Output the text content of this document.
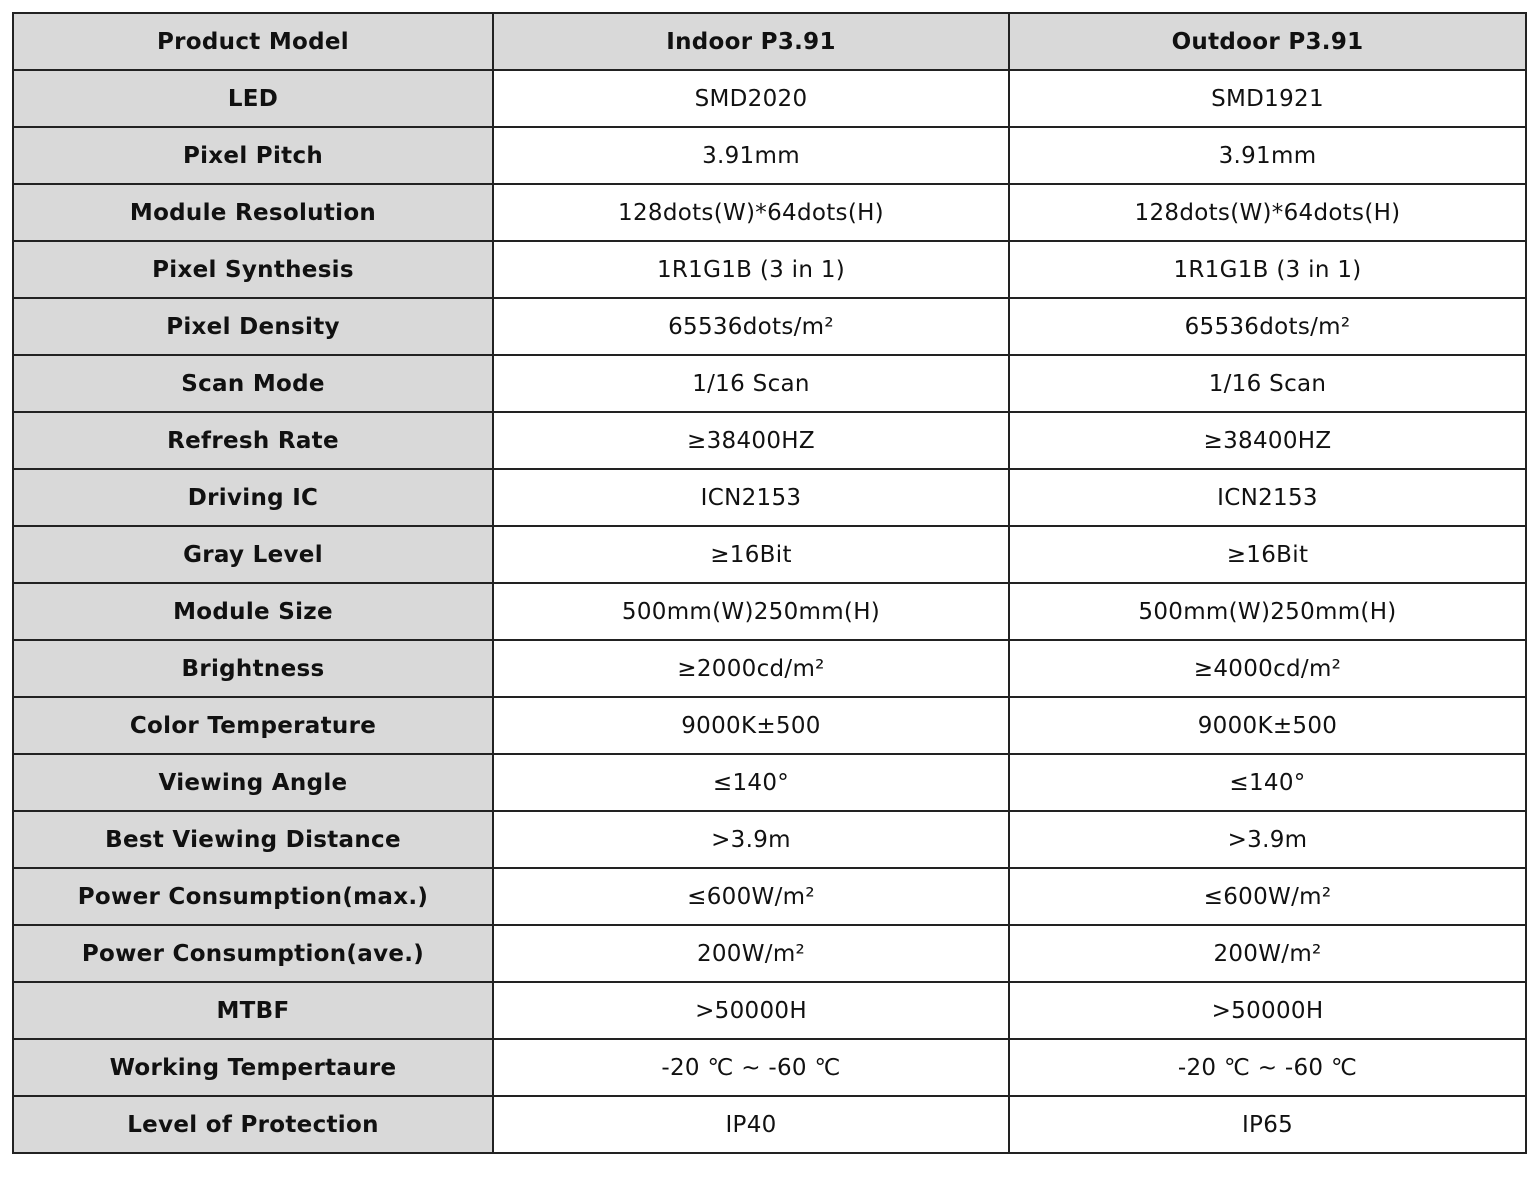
Product Model	Indoor P3.91	Outdoor P3.91
LED	SMD2020	SMD1921
Pixel Pitch	3.91mm	3.91mm
Module Resolution	128dots(W)*64dots(H)	128dots(W)*64dots(H)
Pixel Synthesis	1R1G1B (3 in 1)	1R1G1B (3 in 1)
Pixel Density	65536dots/m²	65536dots/m²
Scan Mode	1/16 Scan	1/16 Scan
Refresh Rate	≥38400HZ	≥38400HZ
Driving IC	ICN2153	ICN2153
Gray Level	≥16Bit	≥16Bit
Module Size	500mm(W)250mm(H)	500mm(W)250mm(H)
Brightness	≥2000cd/m²	≥4000cd/m²
Color Temperature	9000K±500	9000K±500
Viewing Angle	≤140°	≤140°
Best Viewing Distance	>3.9m	>3.9m
Power Consumption(max.)	≤600W/m²	≤600W/m²
Power Consumption(ave.)	200W/m²	200W/m²
MTBF	>50000H	>50000H
Working Tempertaure	-20 ℃ ~ -60 ℃	-20 ℃ ~ -60 ℃
Level of Protection	IP40	IP65
